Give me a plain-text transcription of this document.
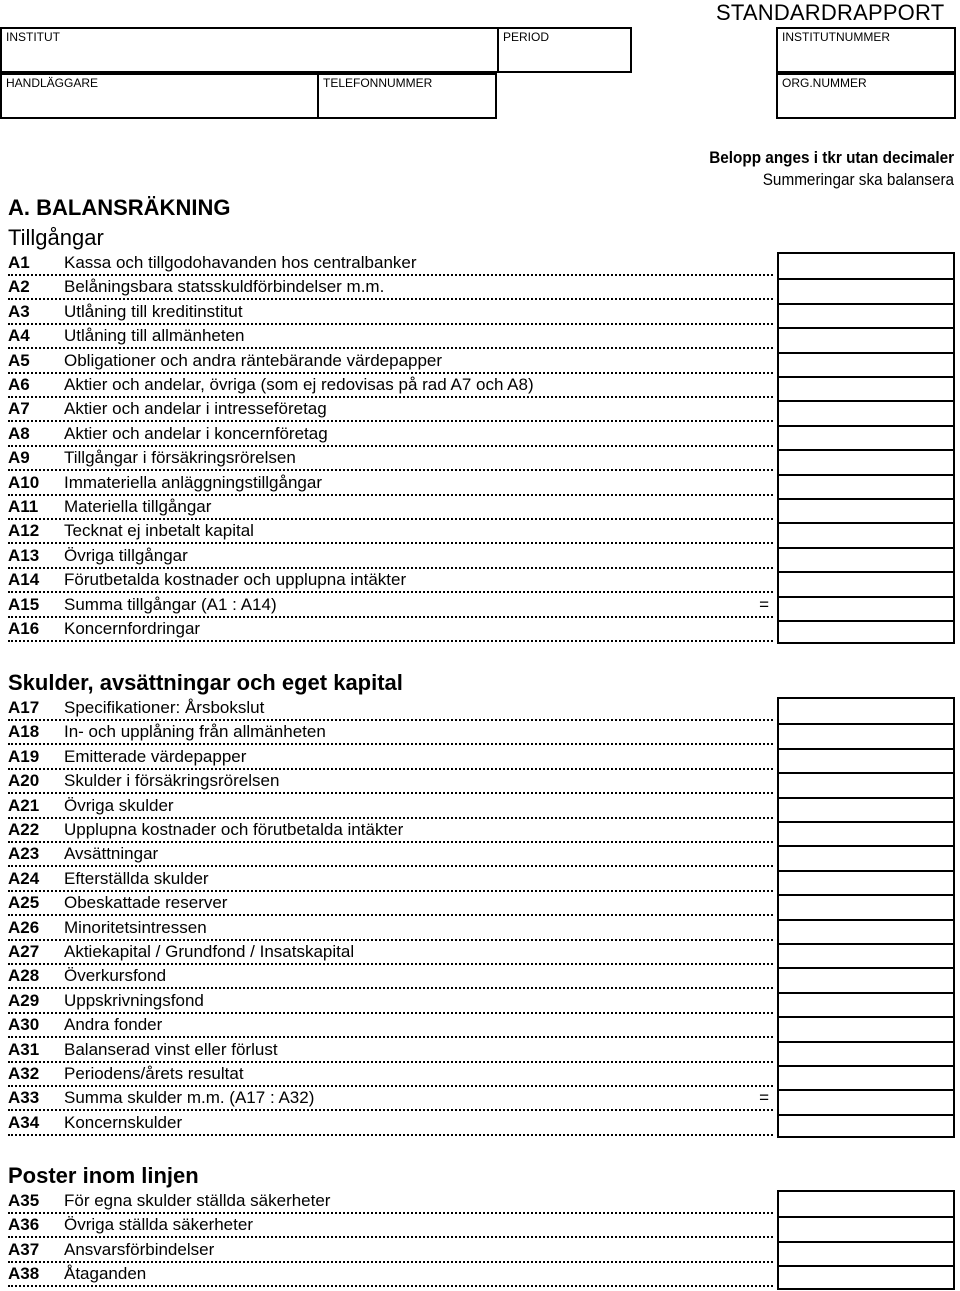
STANDARDRAPPORT
INSTITUT	PERIOD	INSTITUTNUMMER
HANDLÄGGARE	TELEFONNUMMER	ORG.NUMMER
Belopp anges i tkr utan decimaler
Summeringar ska balansera
A. BALANSRÄKNING
Tillgångar
Skulder, avsättningar och eget kapital
Poster inom linjen
A1 Kassa och tillgodohavanden hos centralbanker
A2 Belåningsbara statsskuldförbindelser m.m.
A3 Utlåning till kreditinstitut
A4 Utlåning till allmänheten
A5 Obligationer och andra räntebärande värdepapper
A6 Aktier och andelar, övriga (som ej redovisas på rad A7 och A8)
A7 Aktier och andelar i intresseföretag
A8 Aktier och andelar i koncernföretag
A9 Tillgångar i försäkringsrörelsen
A10 Immateriella anläggningstillgångar
A11 Materiella tillgångar
A12 Tecknat ej inbetalt kapital
A13 Övriga tillgångar
A14 Förutbetalda kostnader och upplupna intäkter
A15 Summa tillgångar (A1 : A14)	=
A16 Koncernfordringar
A17 Specifikationer: Årsbokslut
A18 In- och upplåning från allmänheten
A19 Emitterade värdepapper
A20 Skulder i försäkringsrörelsen
A21 Övriga skulder
A22 Upplupna kostnader och förutbetalda intäkter
A23 Avsättningar
A24 Efterställda skulder
A25 Obeskattade reserver
A26 Minoritetsintressen
A27 Aktiekapital / Grundfond / Insatskapital
A28 Överkursfond
A29 Uppskrivningsfond
A30 Andra fonder
A31 Balanserad vinst eller förlust
A32 Periodens/årets resultat
A33 Summa skulder m.m. (A17 : A32)	=
A34 Koncernskulder
A35 För egna skulder ställda säkerheter
A36 Övriga ställda säkerheter
A37 Ansvarsförbindelser
A38 Åtaganden
